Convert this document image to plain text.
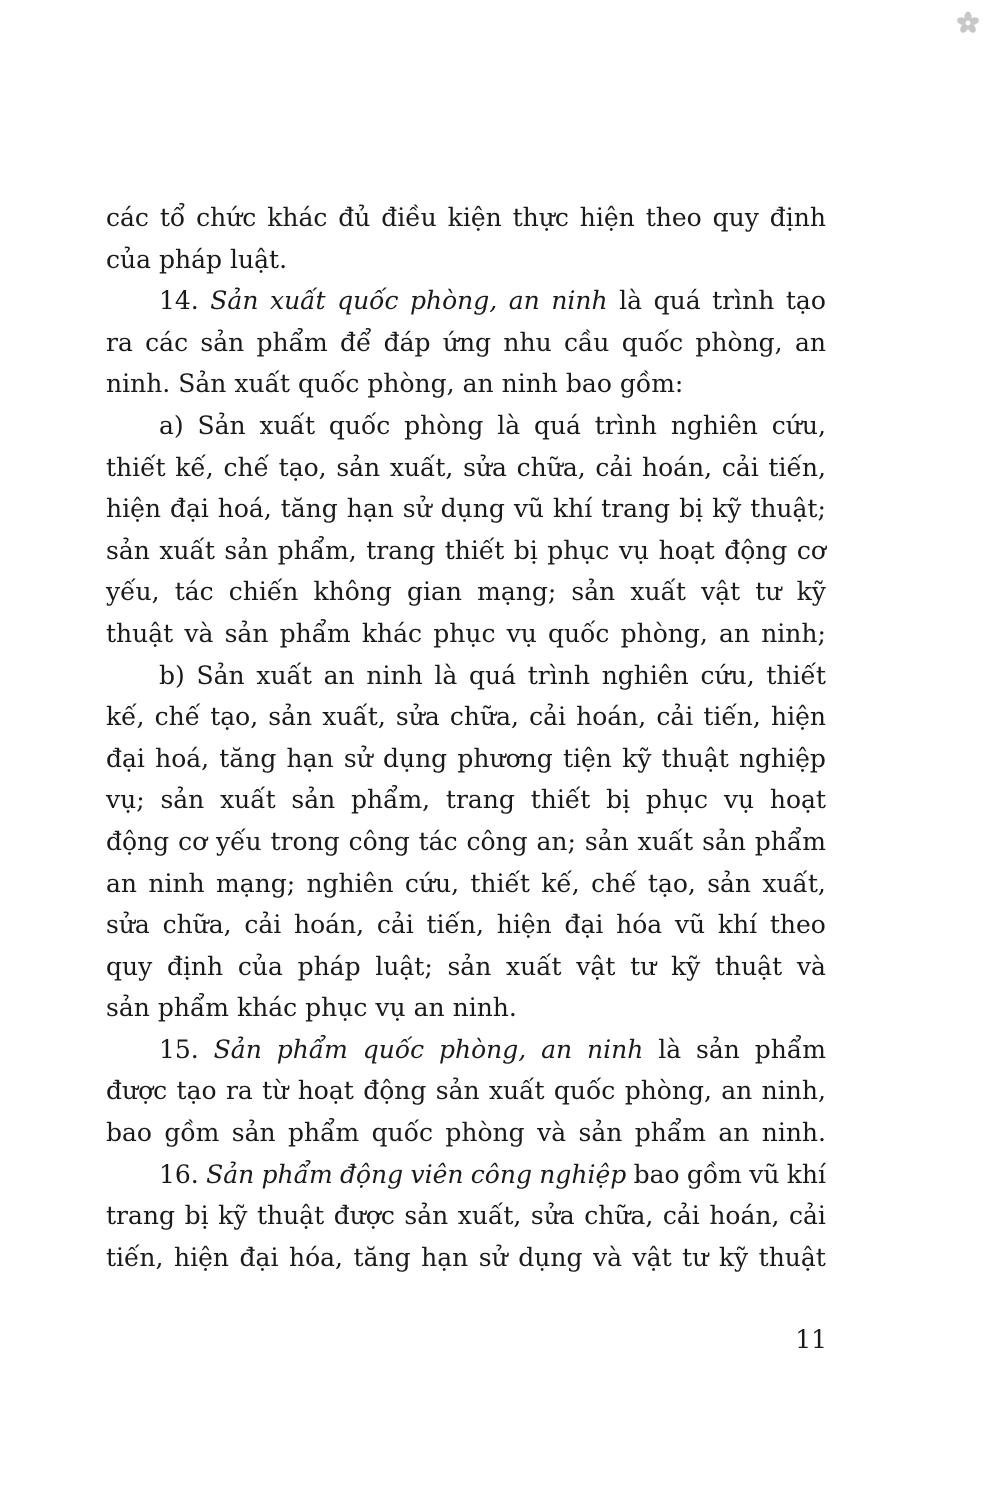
các tổ chức khác đủ điều kiện thực hiện theo quy định
của pháp luật.
14. Sản xuất quốc phòng, an ninh là quá trình tạo
ra các sản phẩm để đáp ứng nhu cầu quốc phòng, an
ninh. Sản xuất quốc phòng, an ninh bao gồm:
a) Sản xuất quốc phòng là quá trình nghiên cứu,
thiết kế, chế tạo, sản xuất, sửa chữa, cải hoán, cải tiến,
hiện đại hoá, tăng hạn sử dụng vũ khí trang bị kỹ thuật;
sản xuất sản phẩm, trang thiết bị phục vụ hoạt động cơ
yếu, tác chiến không gian mạng; sản xuất vật tư kỹ
thuật và sản phẩm khác phục vụ quốc phòng, an ninh;
b) Sản xuất an ninh là quá trình nghiên cứu, thiết
kế, chế tạo, sản xuất, sửa chữa, cải hoán, cải tiến, hiện
đại hoá, tăng hạn sử dụng phương tiện kỹ thuật nghiệp
vụ; sản xuất sản phẩm, trang thiết bị phục vụ hoạt
động cơ yếu trong công tác công an; sản xuất sản phẩm
an ninh mạng; nghiên cứu, thiết kế, chế tạo, sản xuất,
sửa chữa, cải hoán, cải tiến, hiện đại hóa vũ khí theo
quy định của pháp luật; sản xuất vật tư kỹ thuật và
sản phẩm khác phục vụ an ninh.
15. Sản phẩm quốc phòng, an ninh là sản phẩm
được tạo ra từ hoạt động sản xuất quốc phòng, an ninh,
bao gồm sản phẩm quốc phòng và sản phẩm an ninh.
16. Sản phẩm động viên công nghiệp bao gồm vũ khí
trang bị kỹ thuật được sản xuất, sửa chữa, cải hoán, cải
tiến, hiện đại hóa, tăng hạn sử dụng và vật tư kỹ thuật
11
